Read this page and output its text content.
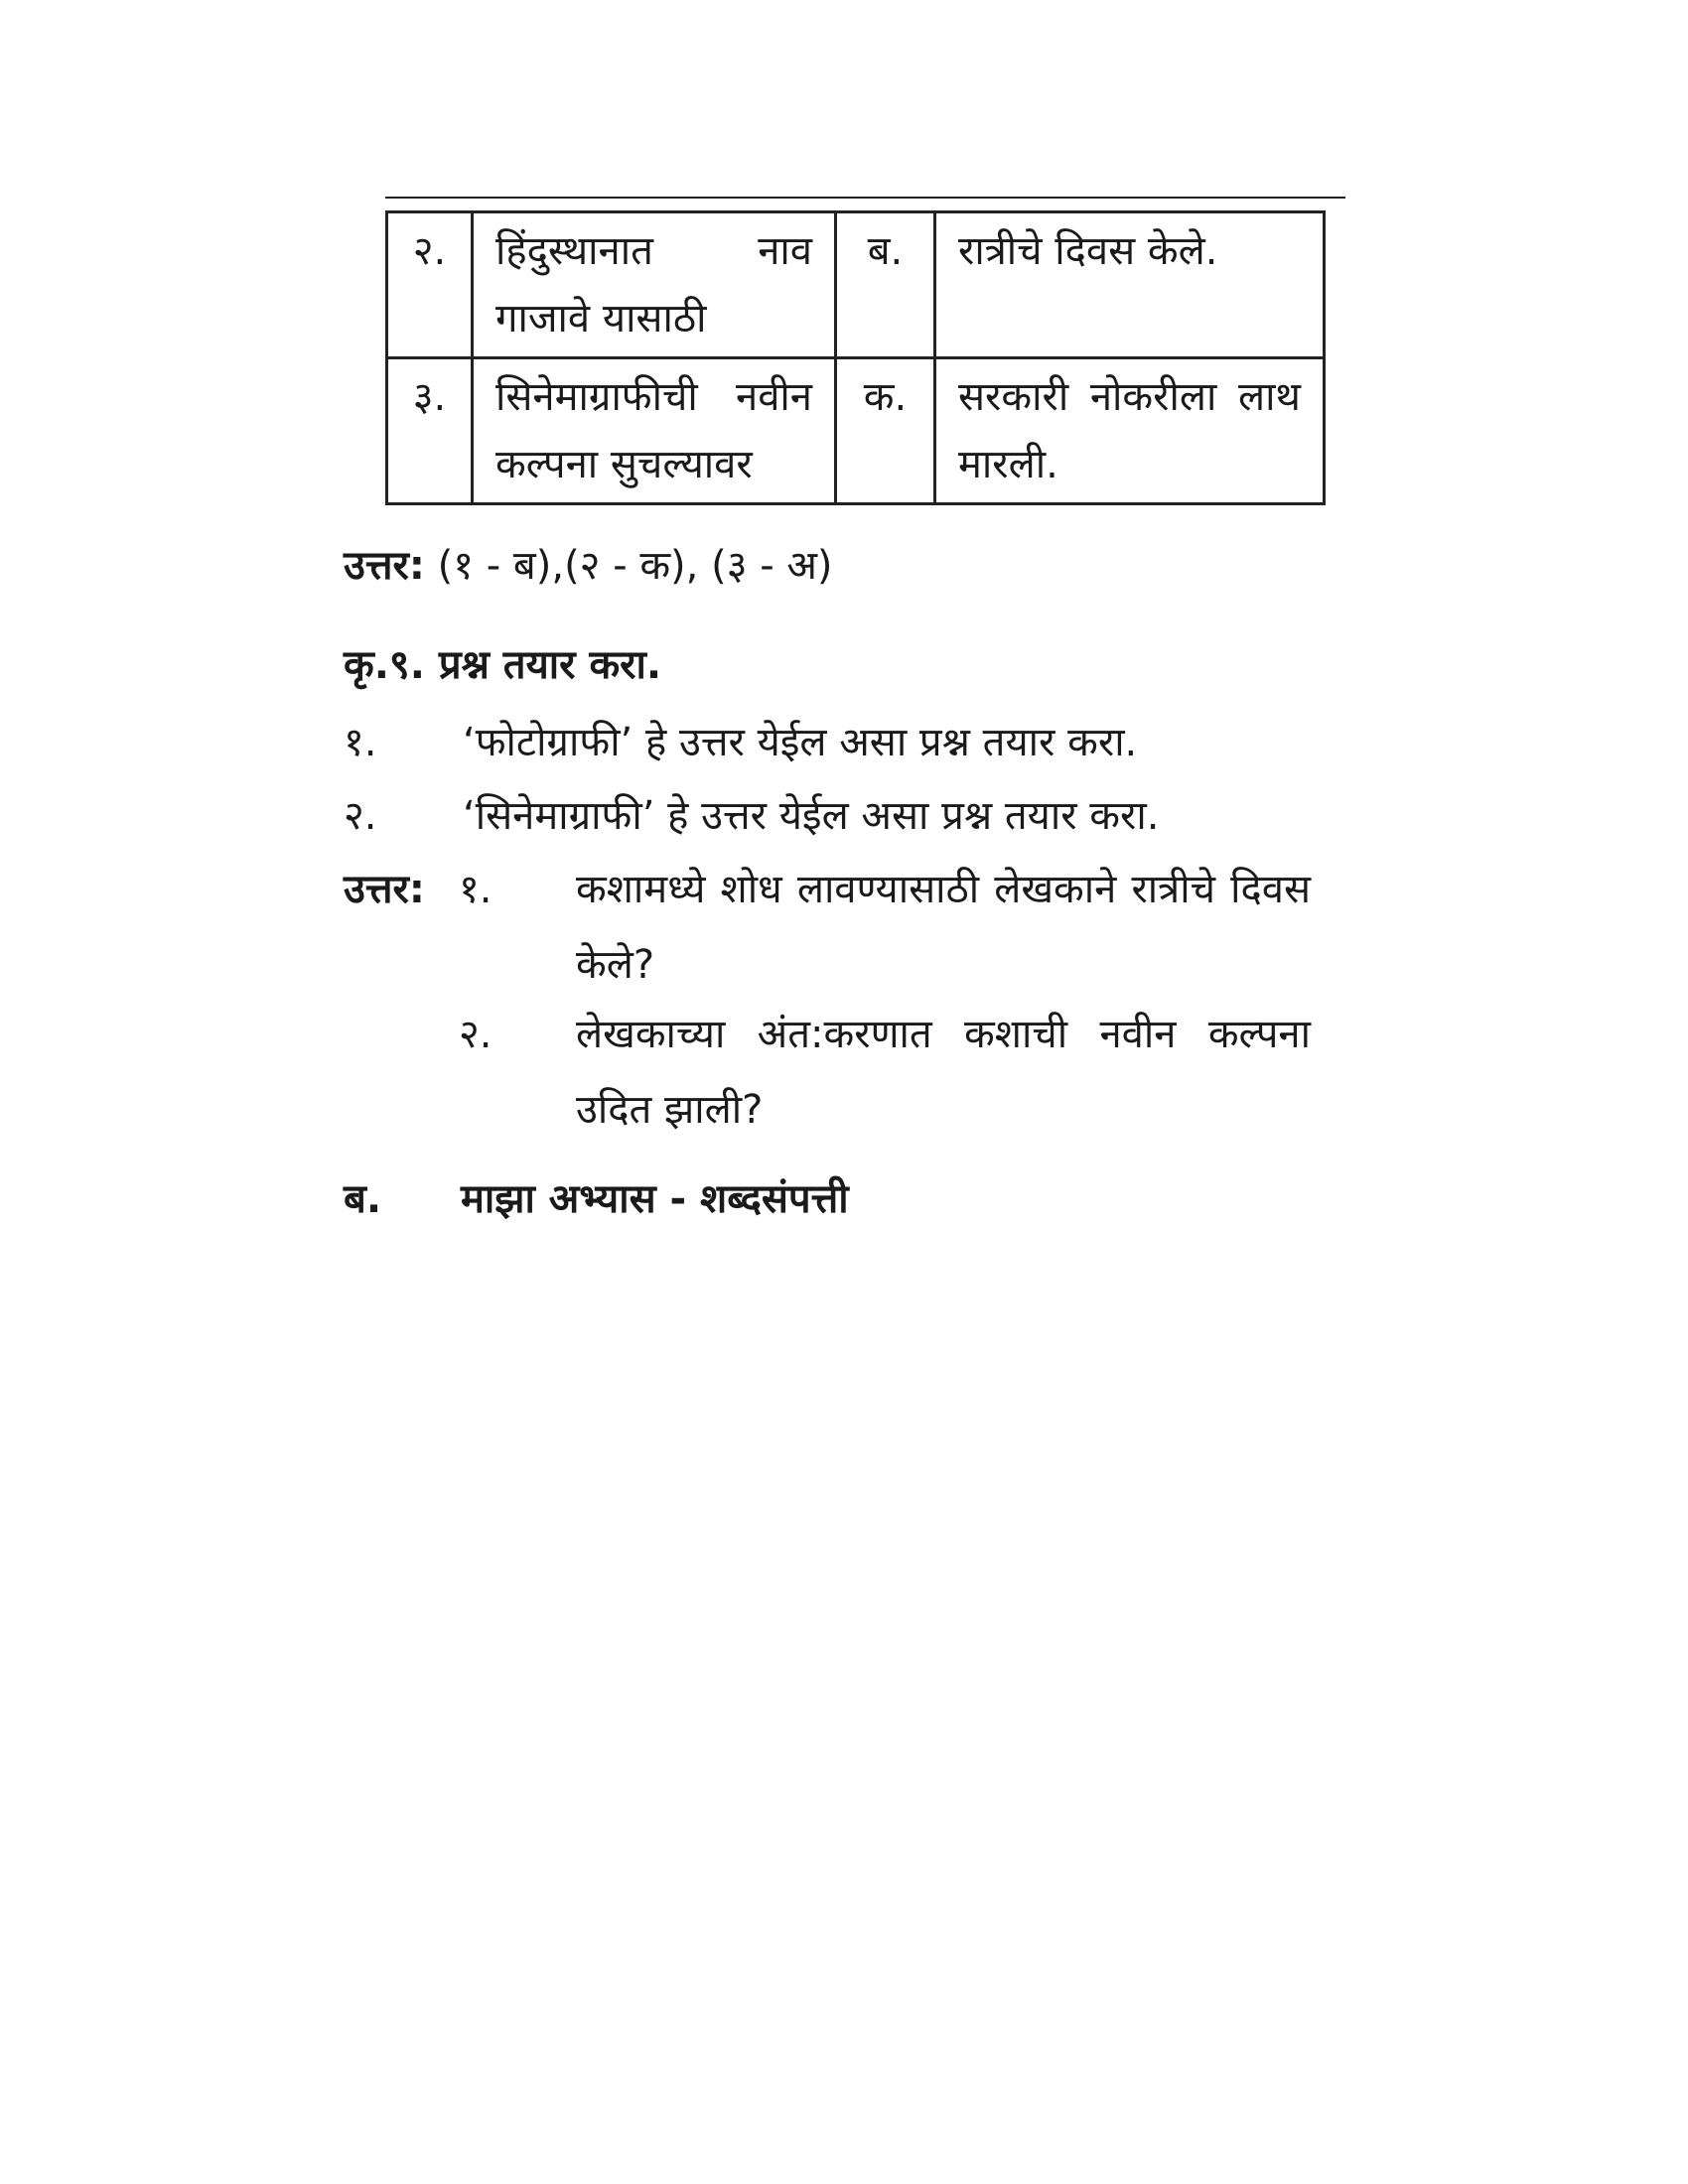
२.	हिंदुस्थानात नाव गाजावे यासाठी	ब.	रात्रीचे दिवस केले.
३.	सिनेमाग्राफीची नवीन कल्पना सुचल्यावर	क.	सरकारी नोकरीला लाथ मारली.
उत्तर: (१ - ब),(२ - क), (३ - अ)
कृ.९. प्रश्न तयार करा.
१. ‘फोटोग्राफी’ हे उत्तर येईल असा प्रश्न तयार करा.
२. ‘सिनेमाग्राफी’ हे उत्तर येईल असा प्रश्न तयार करा.
उत्तर: १. कशामध्ये शोध लावण्यासाठी लेखकाने रात्रीचे दिवस केले?
२. लेखकाच्या अंत:करणात कशाची नवीन कल्पना उदित झाली?
ब. माझा अभ्यास - शब्दसंपत्ती
